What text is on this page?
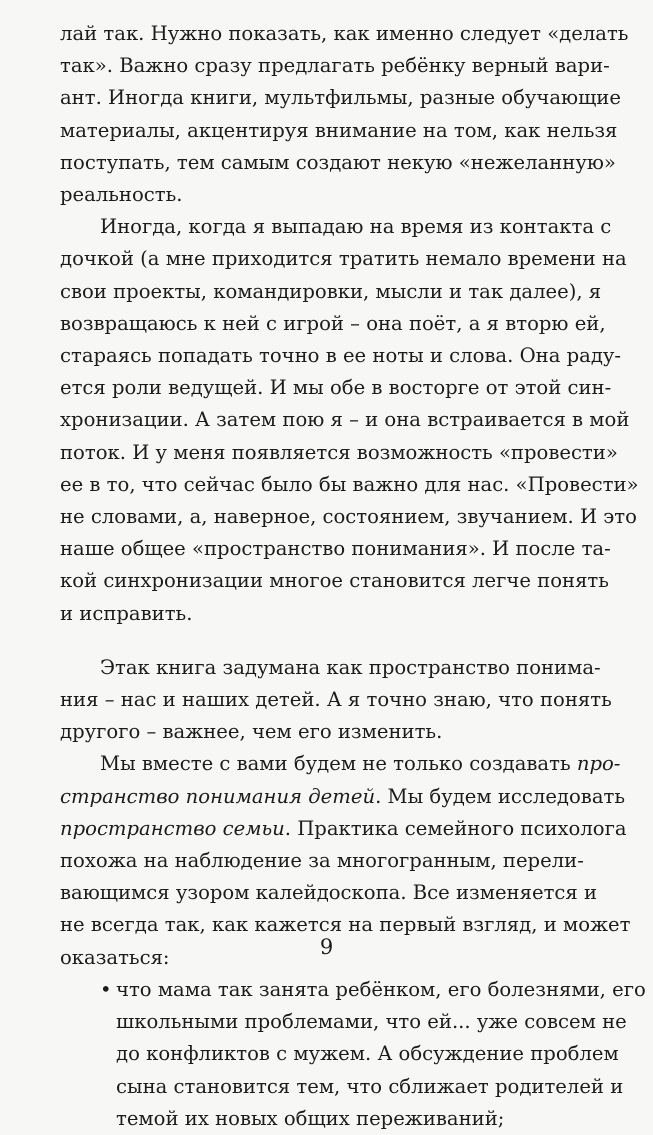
лай так. Нужно показать, как именно следует «делать
так». Важно сразу предлагать ребёнку верный вари-
ант. Иногда книги, мультфильмы, разные обучающие
материалы, акцентируя внимание на том, как нельзя
поступать, тем самым создают некую «нежеланную»
реальность.

Иногда, когда я выпадаю на время из контакта с
дочкой (а мне приходится тратить немало времени на
свои проекты, командировки, мысли и так далее), я
возвращаюсь к ней с игрой – она поёт, а я вторю ей,
стараясь попадать точно в ее ноты и слова. Она раду-
ется роли ведущей. И мы обе в восторге от этой син-
хронизации. А затем пою я – и она встраивается в мой
поток. И у меня появляется возможность «провести»
ее в то, что сейчас было бы важно для нас. «Провести»
не словами, а, наверное, состоянием, звучанием. И это
наше общее «пространство понимания». И после та-
кой синхронизации многое становится легче понять
и исправить.

Этак книга задумана как пространство понима-
ния – нас и наших детей. А я точно знаю, что понять
другого – важнее, чем его изменить.

Мы вместе с вами будем не только создавать про-
странство понимания детей. Мы будем исследовать
пространство семьи. Практика семейного психолога
похожа на наблюдение за многогранным, перели-
вающимся узором калейдоскопа. Все изменяется и
не всегда так, как кажется на первый взгляд, и может
оказаться:

• что мама так занята ребёнком, его болезнями, его
школьными проблемами, что ей... уже совсем не
до конфликтов с мужем. А обсуждение проблем
сына становится тем, что сближает родителей и
темой их новых общих переживаний;
9
